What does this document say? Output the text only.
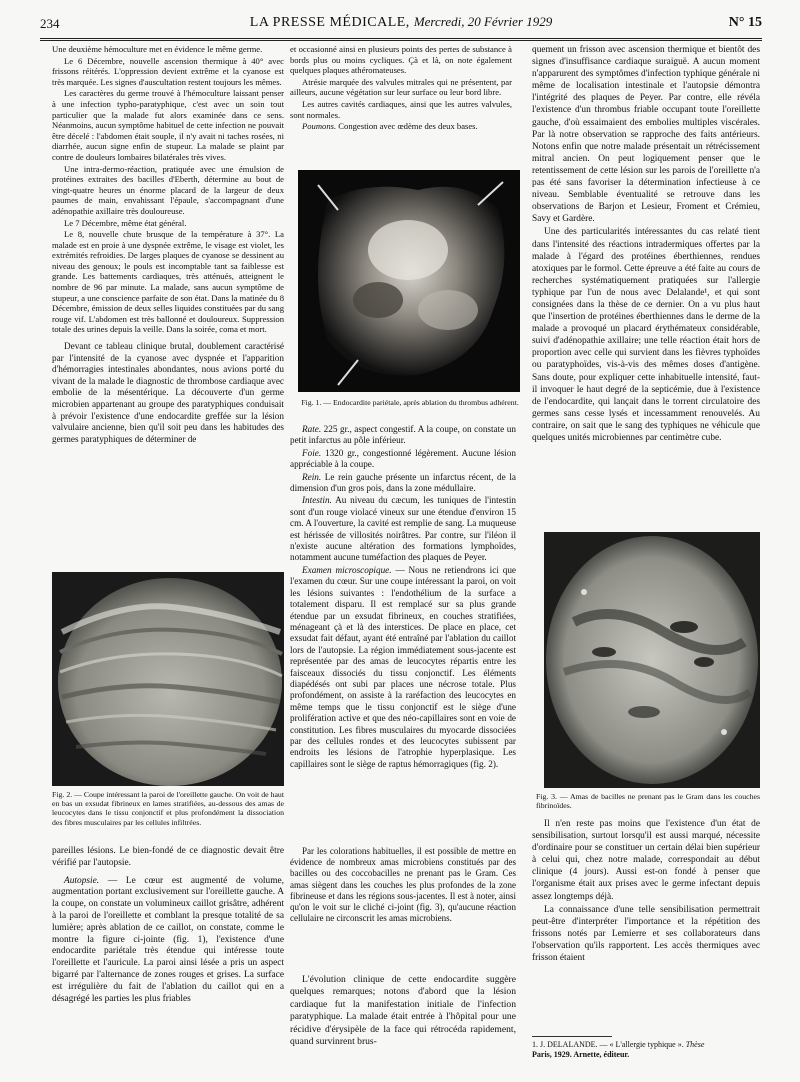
234	LA PRESSE MÉDICALE, Mercredi, 20 Février 1929	N° 15

Une deuxième hémoculture met en évidence le même germe.

Le 6 Décembre, nouvelle ascension thermique à 40° avec frissons réitérés. L'oppression devient extrême et la cyanose est très marquée. Les signes d'auscultation restent toujours les mêmes.

Les caractères du germe trouvé à l'hémoculture laissant penser à une infection typho-paratyphique, c'est avec un soin tout particulier que la malade fut alors examinée dans ce sens. Néanmoins, aucun symptôme habituel de cette infection ne pouvait être décelé : l'abdomen était souple, il n'y avait ni taches rosées, ni diarrhée, aucun signe enfin de stupeur. La malade se plaint par contre de douleurs lombaires bilatérales très vives.

Une intra-dermo-réaction, pratiquée avec une émulsion de protéines extraites des bacilles d'Eberth, détermine au bout de vingt-quatre heures un énorme placard de la largeur de deux paumes de main, envahissant l'épaule, s'accompagnant d'une adénopathie axillaire très douloureuse.

Le 7 Décembre, même état général.

Le 8, nouvelle chute brusque de la température à 37°. La malade est en proie à une dyspnée extrême, le visage est violet, les extrémités refroidies. De larges plaques de cyanose se dessinent au niveau des genoux; le pouls est incomptable tant sa faiblesse est grande. Les battements cardiaques, très atténués, atteignent le nombre de 96 par minute. La malade, sans aucun symptôme de stupeur, a une conscience parfaite de son état. Dans la matinée du 8 Décembre, émission de deux selles liquides constituées par du sang rouge vif. L'abdomen est très ballonné et douloureux. Suppression totale des urines depuis la veille. Dans la soirée, coma et mort.

Devant ce tableau clinique brutal, doublement caractérisé par l'intensité de la cyanose avec dyspnée et l'apparition d'hémorragies intestinales abondantes, nous avions porté du vivant de la malade le diagnostic de thrombose cardiaque avec embolie de la mésentérique. La découverte d'un germe microbien appartenant au groupe des paratyphiques conduisait à prévoir l'existence d'une endocardite greffée sur la lésion valvulaire ancienne, bien qu'il soit peu dans les habitudes des germes paratyphiques de déterminer de

Fig. 2. — Coupe intéressant la paroi de l'oreillette gauche. On voit de haut en bas un exsudat fibrineux en lames stratifiées, au-dessous des amas de leucocytes dans le tissu conjonctif et plus profondément la dissociation des fibres musculaires par les cellules infiltrées.

pareilles lésions. Le bien-fondé de ce diagnostic devait être vérifié par l'autopsie.

Autopsie. — Le cœur est augmenté de volume, augmentation portant exclusivement sur l'oreillette gauche. A la coupe, on constate un volumineux caillot grisâtre, adhérent à la paroi de l'oreillette et comblant la presque totalité de sa lumière; après ablation de ce caillot, on constate, comme le montre la figure ci-jointe (fig. 1), l'existence d'une endocardite pariétale très étendue qui intéresse toute l'oreillette et l'auricule. La paroi ainsi lésée a pris un aspect bigarré par l'alternance de zones rouges et grises. La surface est irrégulière du fait de l'ablation du caillot qui en a désagrégé les parties les plus friables

et occasionné ainsi en plusieurs points des pertes de substance à bords plus ou moins cycliques. Çà et là, on note également quelques plaques athéromateuses.

Atrésie marquée des valvules mitrales qui ne présentent, par ailleurs, aucune végétation sur leur surface ou leur bord libre.

Les autres cavités cardiaques, ainsi que les autres valvules, sont normales.

Poumons. Congestion avec œdème des deux bases.

Fig. 1. — Endocardite pariétale, après ablation du thrombus adhérent.

Rate. 225 gr., aspect congestif. A la coupe, on constate un petit infarctus au pôle inférieur.

Foie. 1320 gr., congestionné légèrement. Aucune lésion appréciable à la coupe.

Rein. Le rein gauche présente un infarctus récent, de la dimension d'un gros pois, dans la zone médullaire.

Intestin. Au niveau du cæcum, les tuniques de l'intestin sont d'un rouge violacé vineux sur une étendue d'environ 15 cm. A l'ouverture, la cavité est remplie de sang. La muqueuse est hérissée de villosités noirâtres. Par contre, sur l'iléon il n'existe aucune altération des formations lymphoïdes, notamment aucune tuméfaction des plaques de Peyer.

Examen microscopique. — Nous ne retiendrons ici que l'examen du cœur. Sur une coupe intéressant la paroi, on voit les lésions suivantes : l'endothélium de la surface a totalement disparu. Il est remplacé sur sa plus grande étendue par un exsudat fibrineux, en couches stratifiées, ménageant çà et là des interstices. De place en place, cet exsudat fait défaut, ayant été entraîné par l'ablation du caillot lors de l'autopsie. La région immédiatement sous-jacente est représentée par des amas de leucocytes répartis entre les faisceaux dissociés du tissu conjonctif. Les éléments diapédésés ont subi par places une nécrose totale. Plus profondément, on assiste à la raréfaction des leucocytes en même temps que le tissu conjonctif est le siège d'une prolifération active et que des néo-capillaires sont en voie de constitution. Les fibres musculaires du myocarde dissociées par des cellules rondes et des leucocytes subissent par endroits les lésions de l'atrophie hyperplasique. Les capillaires sont le siège de raptus hémorragiques (fig. 2).

Par les colorations habituelles, il est possible de mettre en évidence de nombreux amas microbiens constitués par des bacilles ou des coccobacilles ne prenant pas le Gram. Ces amas siègent dans les couches les plus profondes de la zone fibrineuse et dans les régions sous-jacentes. Il est à noter, ainsi qu'on le voit sur le cliché ci-joint (fig. 3), qu'aucune réaction cellulaire ne circonscrit les amas microbiens.

L'évolution clinique de cette endocardite suggère quelques remarques; notons d'abord que la lésion cardiaque fut la manifestation initiale de l'infection paratyphique. La malade était entrée à l'hôpital pour une récidive d'érysipèle de la face qui rétrocéda rapidement, quand survinrent brus-

quement un frisson avec ascension thermique et bientôt des signes d'insuffisance cardiaque suraiguë. A aucun moment n'apparurent des symptômes d'infection typhique générale ni même de localisation intestinale et l'autopsie démontra l'intégrité des plaques de Peyer. Par contre, elle révéla l'existence d'un thrombus friable occupant toute l'oreillette gauche, d'où essaimaient des embolies multiples viscérales. Par là notre observation se rapproche des faits antérieurs. Notons enfin que notre malade présentait un rétrécissement mitral ancien. On peut logiquement penser que le retentissement de cette lésion sur les parois de l'oreillette n'a pas été sans favoriser la détermination infectieuse à ce niveau. Semblable éventualité se retrouve dans les observations de Barjon et Lesieur, Froment et Crémieu, Savy et Gardère.

Une des particularités intéressantes du cas relaté tient dans l'intensité des réactions intradermiques offertes par la malade à l'égard des protéines éberthiennes, rendues atoxiques par le formol. Cette épreuve a été faite au cours de recherches systématiquement pratiquées sur l'allergie typhique par l'un de nous avec Delalande¹, et qui sont consignées dans la thèse de ce dernier. On a vu plus haut que l'insertion de protéines éberthiennes dans le derme de la malade a provoqué un placard érythémateux considérable, suivi d'adénopathie axillaire; une telle réaction était hors de proportion avec celle qui survient dans les fièvres typhoïdes ou paratyphoïdes, vis-à-vis des mêmes doses d'antigène. Sans doute, pour expliquer cette inhabituelle intensité, faut-il invoquer le haut degré de la septicémie, due à l'existence de l'endocardite, qui lançait dans le torrent circulatoire des germes sans cesse lysés et incessamment renouvelés. Au contraire, on sait que le sang des typhiques ne véhicule que quelques unités microbiennes par centimètre cube.

Fig. 3. — Amas de bacilles ne prenant pas le Gram dans les couches fibrinoïdes.

Il n'en reste pas moins que l'existence d'un état de sensibilisation, surtout lorsqu'il est aussi marqué, nécessite d'ordinaire pour se constituer un certain délai bien supérieur à celui qui, chez notre malade, correspondait au début clinique (4 jours). Aussi est-on fondé à penser que l'organisme était aux prises avec le germe infectant depuis assez longtemps déjà.

La connaissance d'une telle sensibilisation permettrait peut-être d'interpréter l'importance et la répétition des frissons notés par Lemierre et ses collaborateurs dans l'observation qu'ils rapportent. Les accès thermiques avec frisson étaient

1. J. DELALANDE. — « L'allergie typhique ». Thèse
Paris, 1929. Arnette, éditeur.
